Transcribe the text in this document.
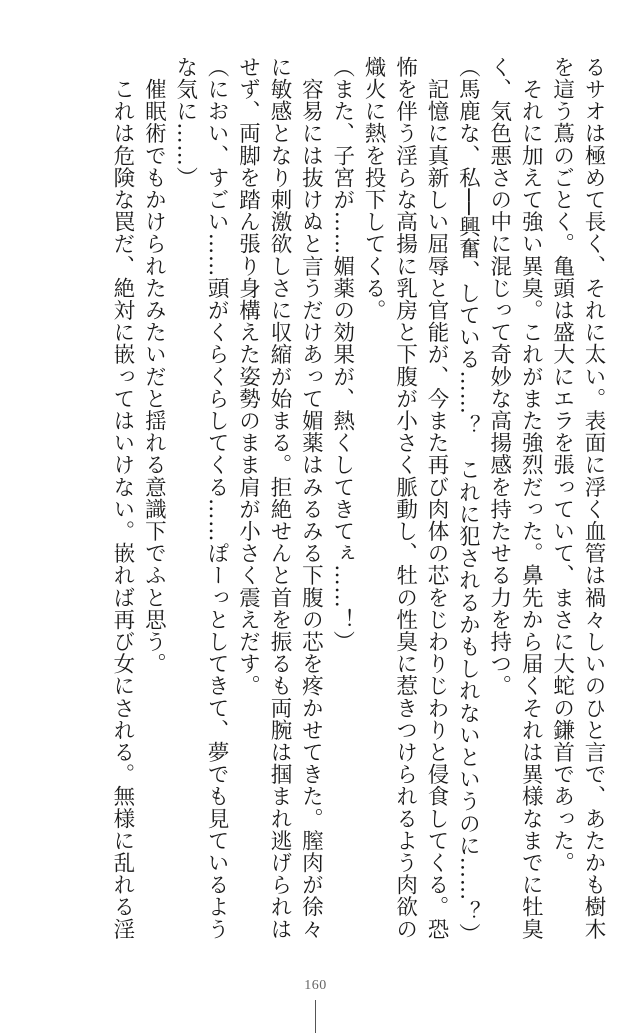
るサオは極めて長く、それに太い。表面に浮く血管は禍々しいのひと言で、あたかも樹木
を這う蔦のごとく。亀頭は盛大にエラを張っていて、まさに大蛇の鎌首であった。
　それに加えて強い異臭。これがまた強烈だった。鼻先から届くそれは異様なまでに牡臭
く、気色悪さの中に混じって奇妙な高揚感を持たせる力を持つ。
（馬鹿な、私──興奮、している……？　これに犯されるかもしれないというのに……？）
　記憶に真新しい屈辱と官能が、今また再び肉体の芯をじわりじわりと侵食してくる。恐
怖を伴う淫らな高揚に乳房と下腹が小さく脈動し、牡の性臭に惹きつけられるよう肉欲の
熾火に熱を投下してくる。
（また、子宮が……媚薬の効果が、熱くしてきてぇ……！）
　容易には抜けぬと言うだけあって媚薬はみるみる下腹の芯を疼かせてきた。膣肉が徐々
に敏感となり刺激欲しさに収縮が始まる。拒絶せんと首を振るも両腕は掴まれ逃げられは
せず、両脚を踏ん張り身構えた姿勢のまま肩が小さく震えだす。
（におい、すごい……頭がくらくらしてくる……ぽーっとしてきて、夢でも見ているよう
な気に……）
　催眠術でもかけられたみたいだと揺れる意識下でふと思う。
　これは危険な罠だ、絶対に嵌ってはいけない。嵌れば再び女にされる。無様に乱れる淫
160
